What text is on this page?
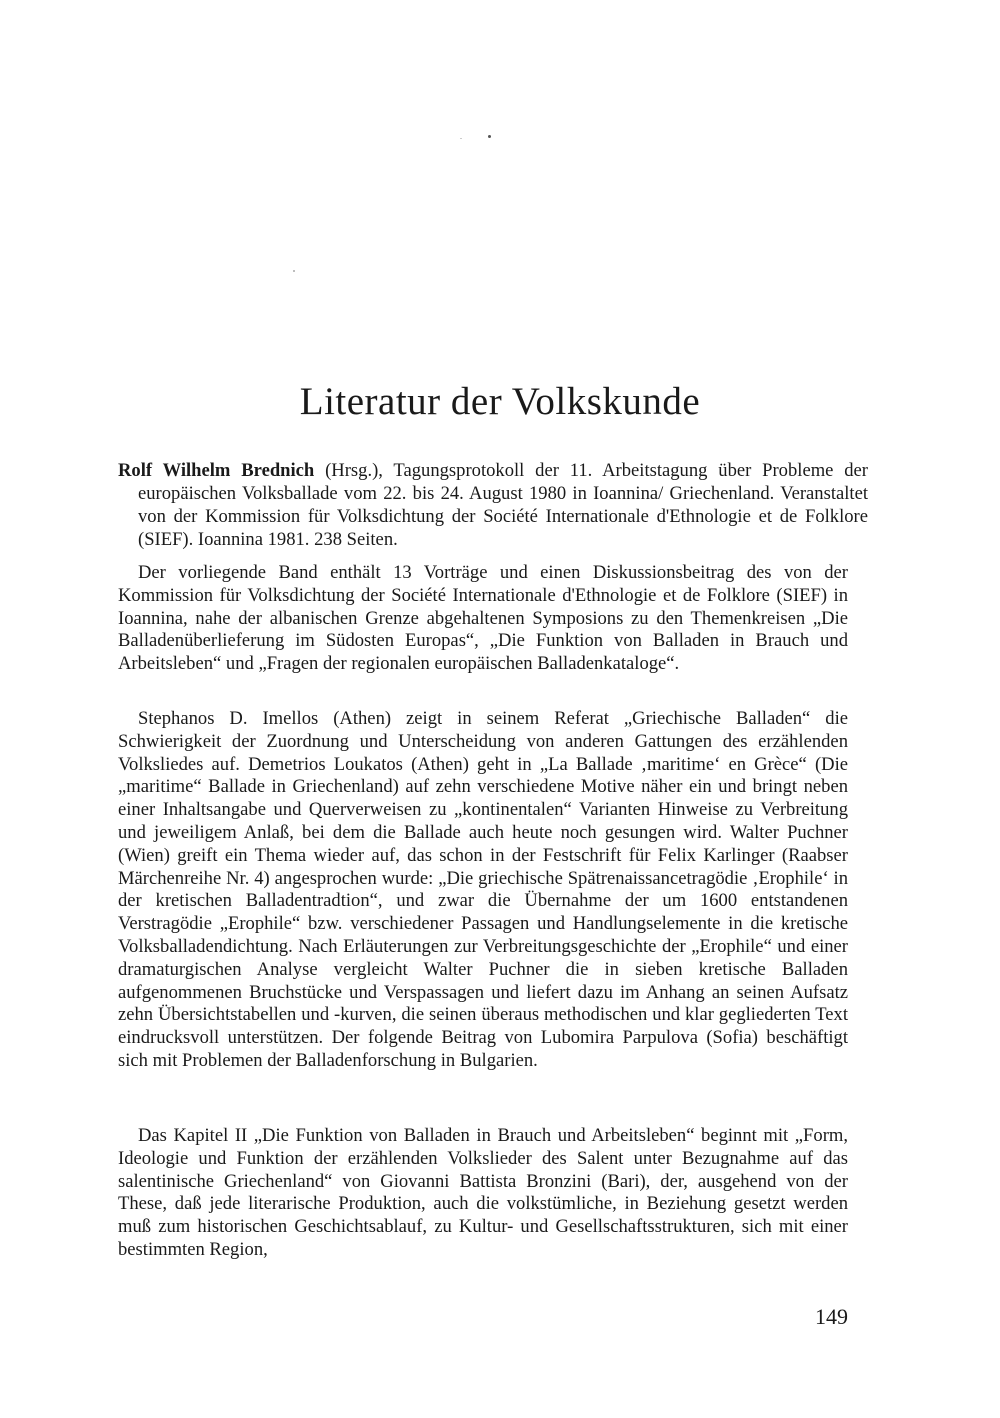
Literatur der Volkskunde

Rolf Wilhelm Brednich (Hrsg.), Tagungsprotokoll der 11. Arbeitstagung über Probleme der europäischen Volksballade vom 22. bis 24. August 1980 in Ioannina/ Griechenland. Veranstaltet von der Kommission für Volksdichtung der Société Internationale d'Ethnologie et de Folklore (SIEF). Ioannina 1981. 238 Seiten.

Der vorliegende Band enthält 13 Vorträge und einen Diskussionsbeitrag des von der Kommission für Volksdichtung der Société Internationale d'Ethnologie et de Folklore (SIEF) in Ioannina, nahe der albanischen Grenze abgehaltenen Symposions zu den Themenkreisen „Die Balladenüberlieferung im Südosten Europas“, „Die Funktion von Balladen in Brauch und Arbeitsleben“ und „Fragen der regionalen europäischen Balladenkataloge“.

Stephanos D. Imellos (Athen) zeigt in seinem Referat „Griechische Balladen“ die Schwierigkeit der Zuordnung und Unterscheidung von anderen Gattungen des erzählenden Volksliedes auf. Demetrios Loukatos (Athen) geht in „La Ballade ‚maritime‘ en Grèce“ (Die „maritime“ Ballade in Griechenland) auf zehn verschiedene Motive näher ein und bringt neben einer Inhaltsangabe und Querverweisen zu „kontinentalen“ Varianten Hinweise zu Verbreitung und jeweiligem Anlaß, bei dem die Ballade auch heute noch gesungen wird. Walter Puchner (Wien) greift ein Thema wieder auf, das schon in der Festschrift für Felix Karlinger (Raabser Märchenreihe Nr. 4) angesprochen wurde: „Die griechische Spätrenaissancetragödie ‚Erophile‘ in der kretischen Balladentradtion“, und zwar die Übernahme der um 1600 entstandenen Verstragödie „Erophile“ bzw. verschiedener Passagen und Handlungselemente in die kretische Volksballadendichtung. Nach Erläuterungen zur Verbreitungsgeschichte der „Erophile“ und einer dramaturgischen Analyse vergleicht Walter Puchner die in sieben kretische Balladen aufgenommenen Bruchstücke und Verspassagen und liefert dazu im Anhang an seinen Aufsatz zehn Übersichtstabellen und -kurven, die seinen überaus methodischen und klar gegliederten Text eindrucksvoll unterstützen. Der folgende Beitrag von Lubomira Parpulova (Sofia) beschäftigt sich mit Problemen der Balladenforschung in Bulgarien.

Das Kapitel II „Die Funktion von Balladen in Brauch und Arbeitsleben“ beginnt mit „Form, Ideologie und Funktion der erzählenden Volkslieder des Salent unter Bezugnahme auf das salentinische Griechenland“ von Giovanni Battista Bronzini (Bari), der, ausgehend von der These, daß jede literarische Produktion, auch die volkstümliche, in Beziehung gesetzt werden muß zum historischen Geschichtsablauf, zu Kultur- und Gesellschaftsstrukturen, sich mit einer bestimmten Region,

149
